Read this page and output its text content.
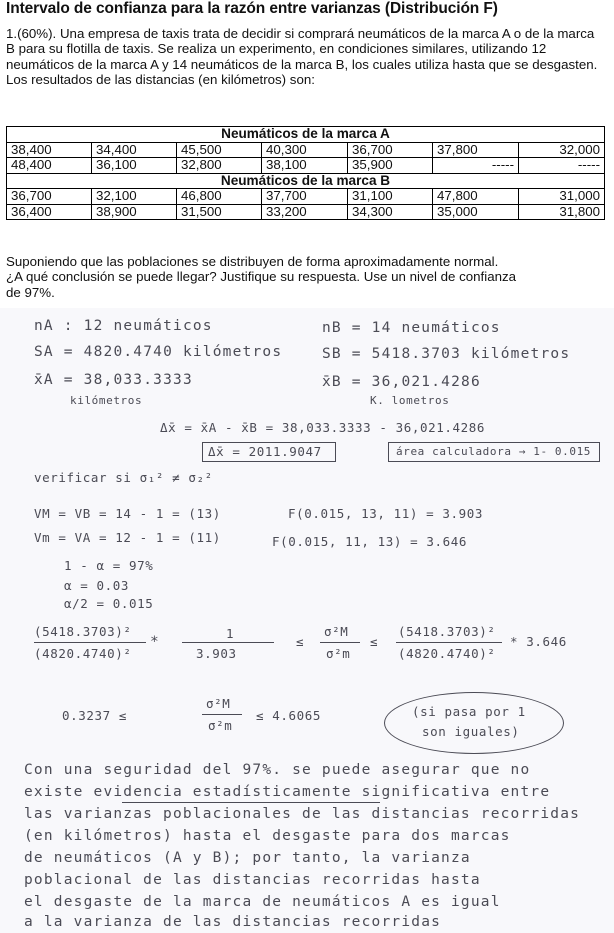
Intervalo de confianza para la razón entre varianzas (Distribución F)
1.(60%). Una empresa de taxis trata de decidir si comprará neumáticos de la marca A o de la marca B para su flotilla de taxis. Se realiza un experimento, en condiciones similares, utilizando 12 neumáticos de la marca A y 14 neumáticos de la marca B, los cuales utiliza hasta que se desgasten. Los resultados de las distancias (en kilómetros) son:
Neumáticos de la marca A						
38,400	34,400	45,500	40,300	36,700	37,800	32,000
48,400	36,100	32,800	38,100	35,900	-----	-----
Neumáticos de la marca B						
36,700	32,100	46,800	37,700	31,100	47,800	31,000
36,400	38,900	31,500	33,200	34,300	35,000	31,800
Suponiendo que las poblaciones se distribuyen de forma aproximadamente normal.
¿A qué conclusión se puede llegar? Justifique su respuesta. Use un nivel de confianza
de 97%.
nA : 12 neumáticos	nB = 14 neumáticos
SA = 4820.4740 kilómetros	SB = 5418.3703 kilómetros
x̄A = 38,033.3333
kilómetros
x̄B = 36,021.4286
K. lometros
Δx̄ = x̄A - x̄B = 38,033.3333 - 36,021.4286
Δx̄ = 2011.9047	área calculadora → 1- 0.015
verificar si σ₁² ≠ σ₂²
VM = VB = 14 - 1 = (13)	F(0.015, 13, 11) = 3.903
Vm = VA = 12 - 1 = (11)	F(0.015, 11, 13) = 3.646
1 - α = 97%
α = 0.03
α/2 = 0.015
(5418.3703)²
(4820.4740)²
*
1
3.903
≤
σ²M
σ²m
≤
(5418.3703)²
(4820.4740)²
* 3.646
0.3237 ≤
σ²M
σ²m
≤ 4.6065	(si pasa por 1
son iguales)
Con una seguridad del 97%. se puede asegurar que no
existe evidencia estadísticamente significativa entre
las varianzas poblacionales de las distancias recorridas
(en kilómetros) hasta el desgaste para dos marcas
de neumáticos (A y B); por tanto, la varianza
poblacional de las distancias recorridas hasta
el desgaste de la marca de neumáticos A es igual
a la varianza de las distancias recorridas
